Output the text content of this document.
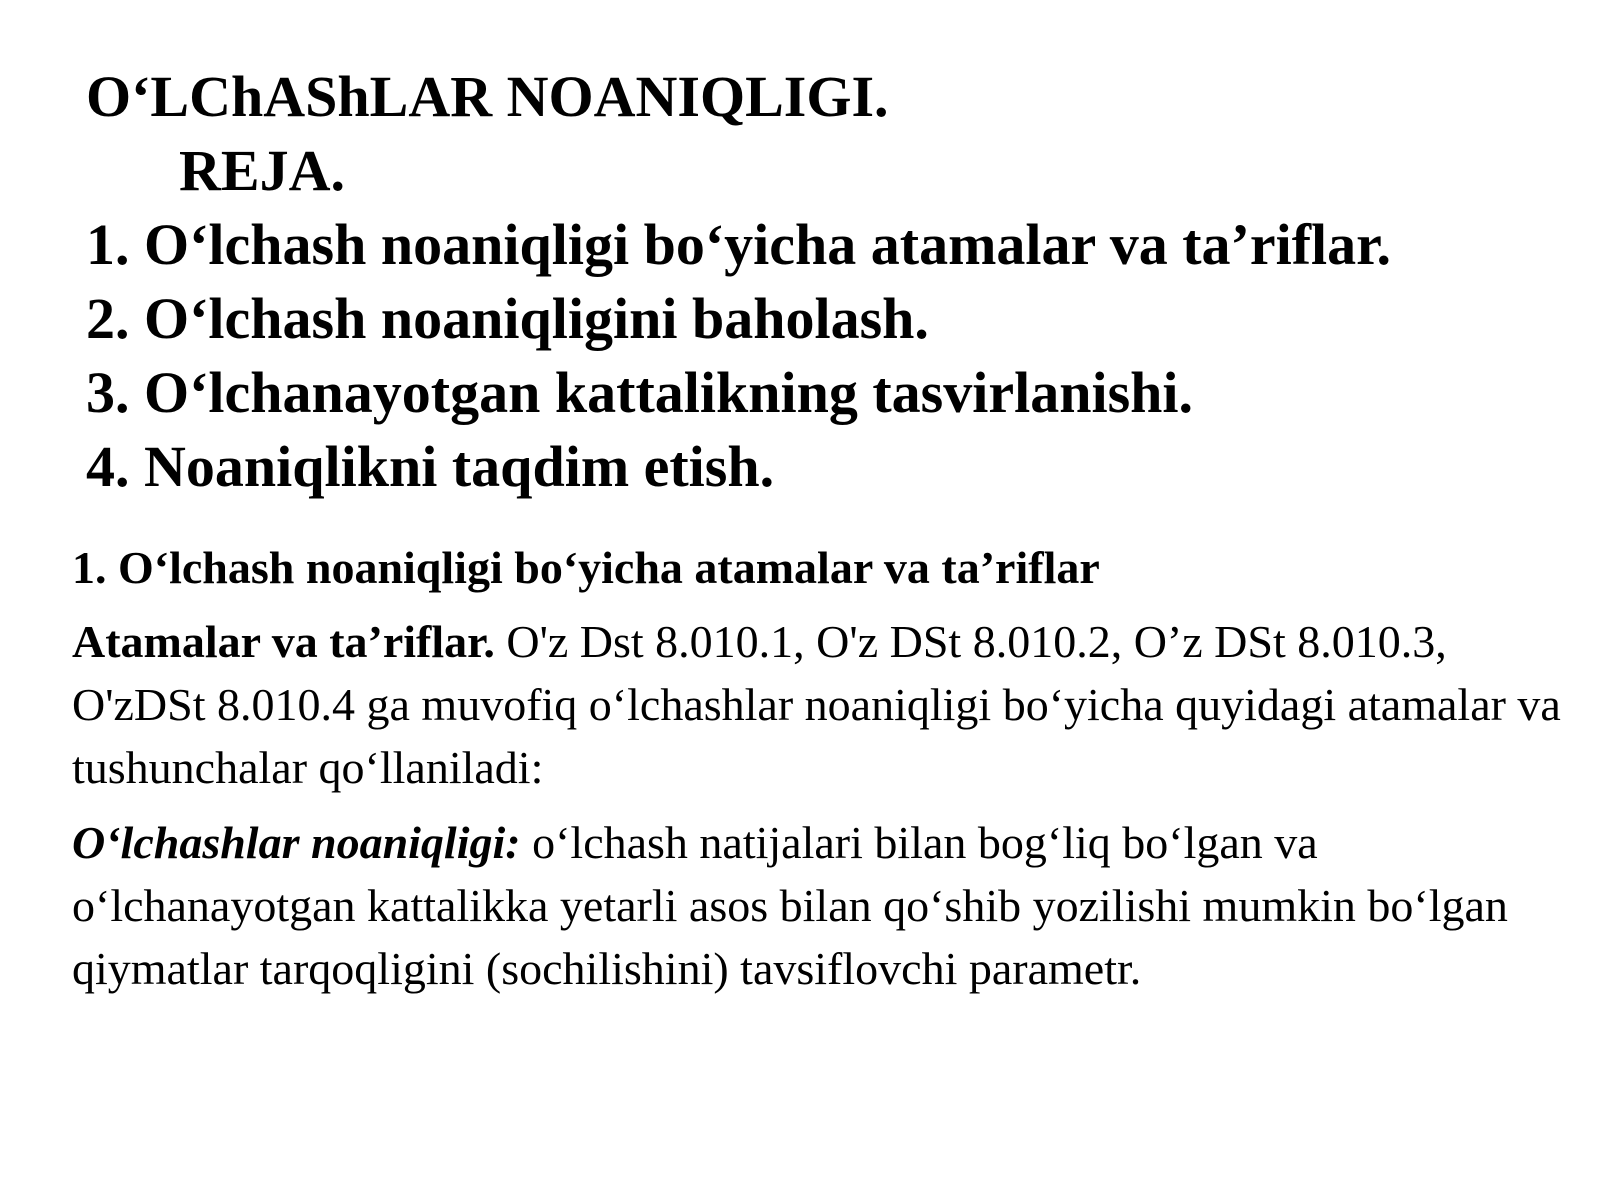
O‘LChAShLAR NOANIQLIGI.
REJA.
1. O‘lchash noaniqligi bo‘yicha atamalar va ta’riflar.
2. O‘lchash noaniqligini baholash.
3. O‘lchanayotgan kattalikning tasvirlanishi.
4. Noaniqlikni taqdim etish.
1. O‘lchash noaniqligi bo‘yicha atamalar va ta’riflar

Atamalar va ta’riflar. O'z Dst 8.010.1, O'z DSt 8.010.2, O’z DSt 8.010.3, O'zDSt 8.010.4 ga muvofiq o‘lchashlar noaniqligi bo‘yicha quyidagi atamalar va tushunchalar qo‘llaniladi:

O‘lchashlar noaniqligi: o‘lchash natijalari bilan bog‘liq bo‘lgan va o‘lchanayotgan kattalikka yetarli asos bilan qo‘shib yozilishi mumkin bo‘lgan qiymatlar tarqoqligini (sochilishini) tavsiflovchi parametr.
